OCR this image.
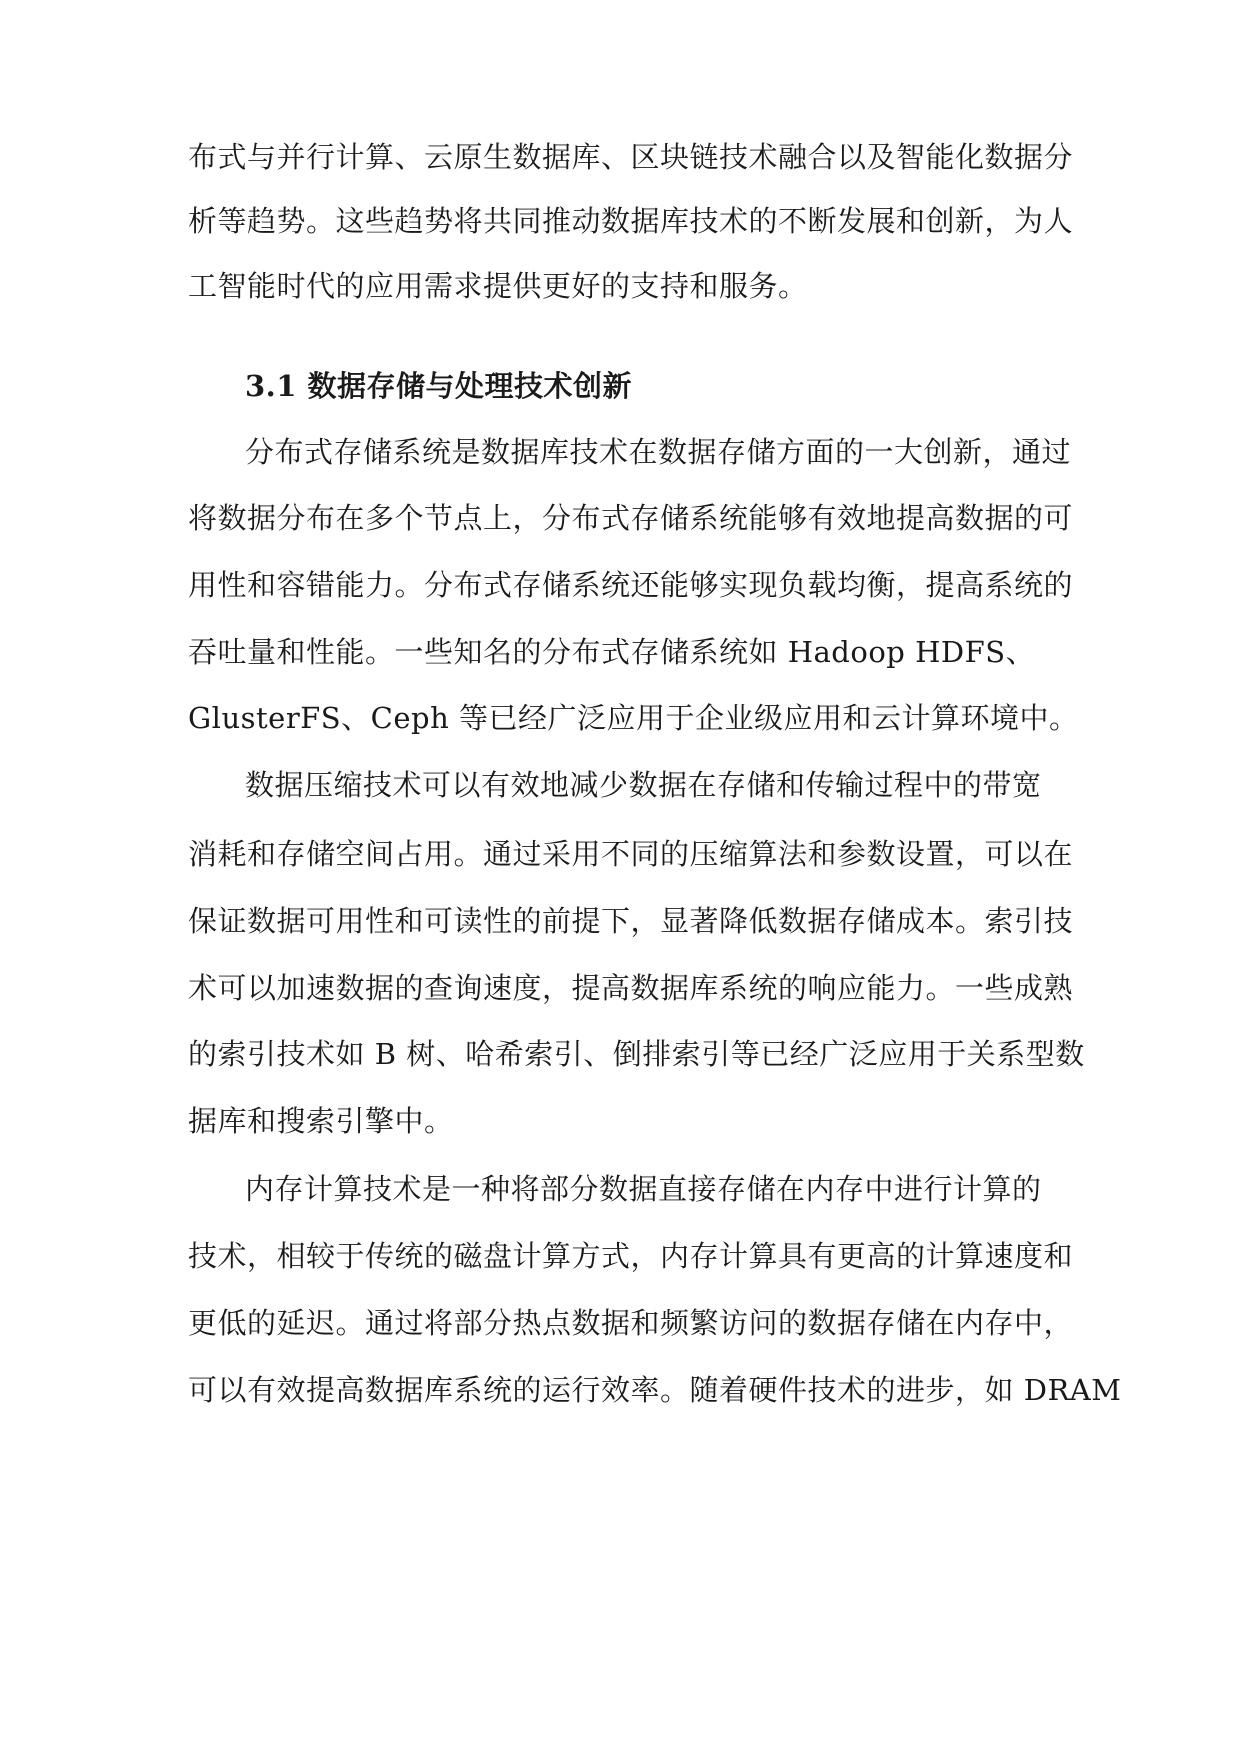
布式与并行计算、云原生数据库、区块链技术融合以及智能化数据分
析等趋势。这些趋势将共同推动数据库技术的不断发展和创新，为人
工智能时代的应用需求提供更好的支持和服务。
3.1 数据存储与处理技术创新
分布式存储系统是数据库技术在数据存储方面的一大创新，通过
将数据分布在多个节点上，分布式存储系统能够有效地提高数据的可
用性和容错能力。分布式存储系统还能够实现负载均衡，提高系统的
吞吐量和性能。一些知名的分布式存储系统如 Hadoop HDFS、
GlusterFS、Ceph 等已经广泛应用于企业级应用和云计算环境中。
数据压缩技术可以有效地减少数据在存储和传输过程中的带宽
消耗和存储空间占用。通过采用不同的压缩算法和参数设置，可以在
保证数据可用性和可读性的前提下，显著降低数据存储成本。索引技
术可以加速数据的查询速度，提高数据库系统的响应能力。一些成熟
的索引技术如 B 树、哈希索引、倒排索引等已经广泛应用于关系型数
据库和搜索引擎中。
内存计算技术是一种将部分数据直接存储在内存中进行计算的
技术，相较于传统的磁盘计算方式，内存计算具有更高的计算速度和
更低的延迟。通过将部分热点数据和频繁访问的数据存储在内存中，
可以有效提高数据库系统的运行效率。随着硬件技术的进步，如 DRAM
